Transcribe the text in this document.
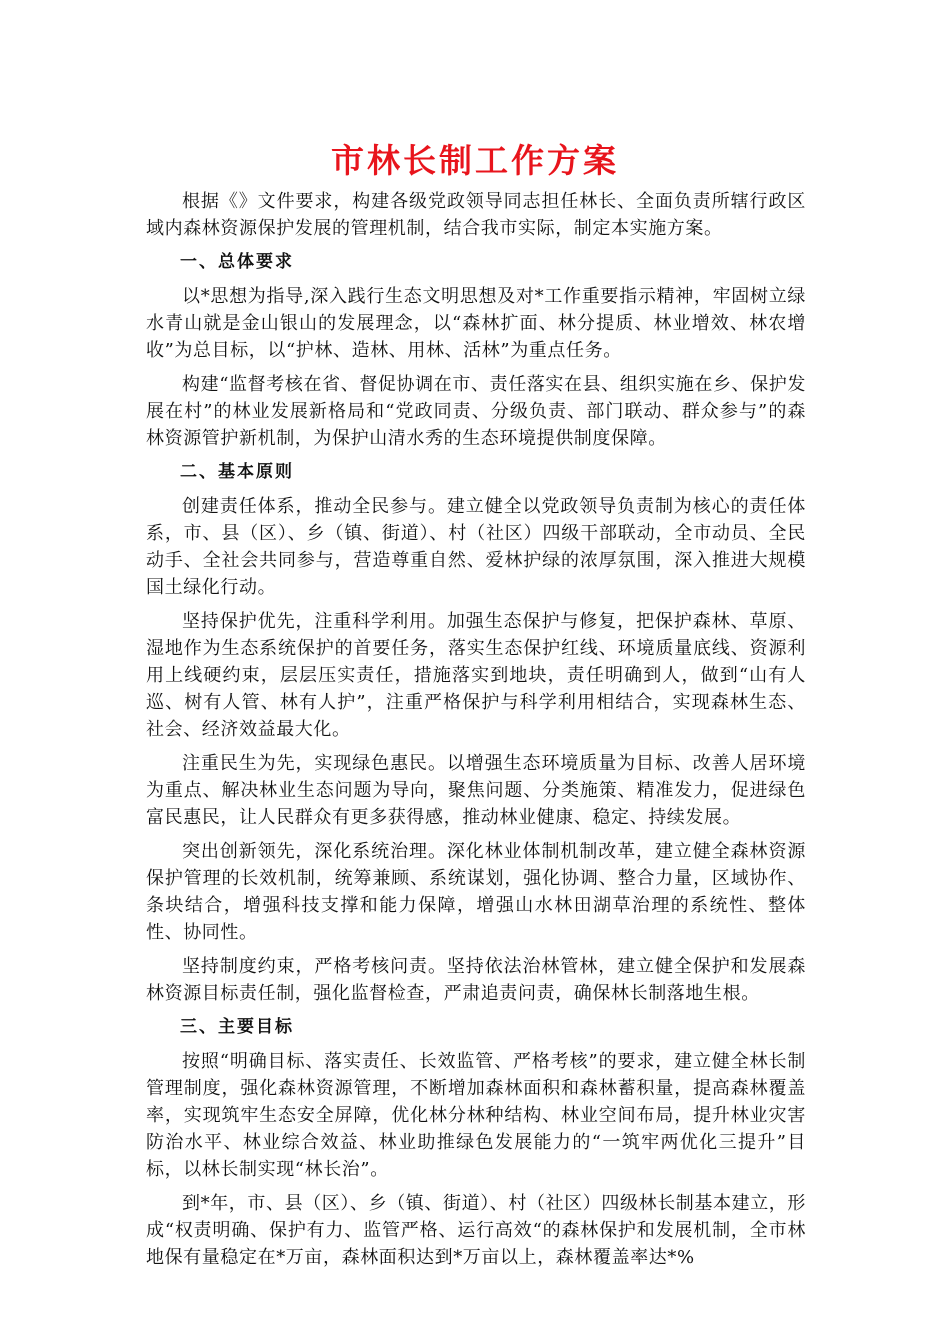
市林长制工作方案

根据《》文件要求，构建各级党政领导同志担任林长、全面负责所辖行政区域内森林资源保护发展的管理机制，结合我市实际，制定本实施方案。

一、总体要求

以*思想为指导,深入践行生态文明思想及对*工作重要指示精神，牢固树立绿水青山就是金山银山的发展理念，以“森林扩面、林分提质、林业增效、林农增收”为总目标，以“护林、造林、用林、活林”为重点任务。

构建“监督考核在省、督促协调在市、责任落实在县、组织实施在乡、保护发展在村”的林业发展新格局和“党政同责、分级负责、部门联动、群众参与”的森林资源管护新机制，为保护山清水秀的生态环境提供制度保障。

二、基本原则

创建责任体系，推动全民参与。建立健全以党政领导负责制为核心的责任体系，市、县（区）、乡（镇、街道）、村（社区）四级干部联动，全市动员、全民动手、全社会共同参与，营造尊重自然、爱林护绿的浓厚氛围，深入推进大规模国土绿化行动。

坚持保护优先，注重科学利用。加强生态保护与修复，把保护森林、草原、湿地作为生态系统保护的首要任务，落实生态保护红线、环境质量底线、资源利用上线硬约束，层层压实责任，措施落实到地块，责任明确到人，做到“山有人巡、树有人管、林有人护”，注重严格保护与科学利用相结合，实现森林生态、社会、经济效益最大化。

注重民生为先，实现绿色惠民。以增强生态环境质量为目标、改善人居环境为重点、解决林业生态问题为导向，聚焦问题、分类施策、精准发力，促进绿色富民惠民，让人民群众有更多获得感，推动林业健康、稳定、持续发展。

突出创新领先，深化系统治理。深化林业体制机制改革，建立健全森林资源保护管理的长效机制，统筹兼顾、系统谋划，强化协调、整合力量，区域协作、条块结合，增强科技支撑和能力保障，增强山水林田湖草治理的系统性、整体性、协同性。

坚持制度约束，严格考核问责。坚持依法治林管林，建立健全保护和发展森林资源目标责任制，强化监督检查，严肃追责问责，确保林长制落地生根。

三、主要目标

按照“明确目标、落实责任、长效监管、严格考核”的要求，建立健全林长制管理制度，强化森林资源管理，不断增加森林面积和森林蓄积量，提高森林覆盖率，实现筑牢生态安全屏障，优化林分林种结构、林业空间布局，提升林业灾害防治水平、林业综合效益、林业助推绿色发展能力的“一筑牢两优化三提升”目标，以林长制实现“林长治”。

到*年，市、县（区）、乡（镇、街道）、村（社区）四级林长制基本建立，形成“权责明确、保护有力、监管严格、运行高效“的森林保护和发展机制，全市林地保有量稳定在*万亩，森林面积达到*万亩以上，森林覆盖率达*%
